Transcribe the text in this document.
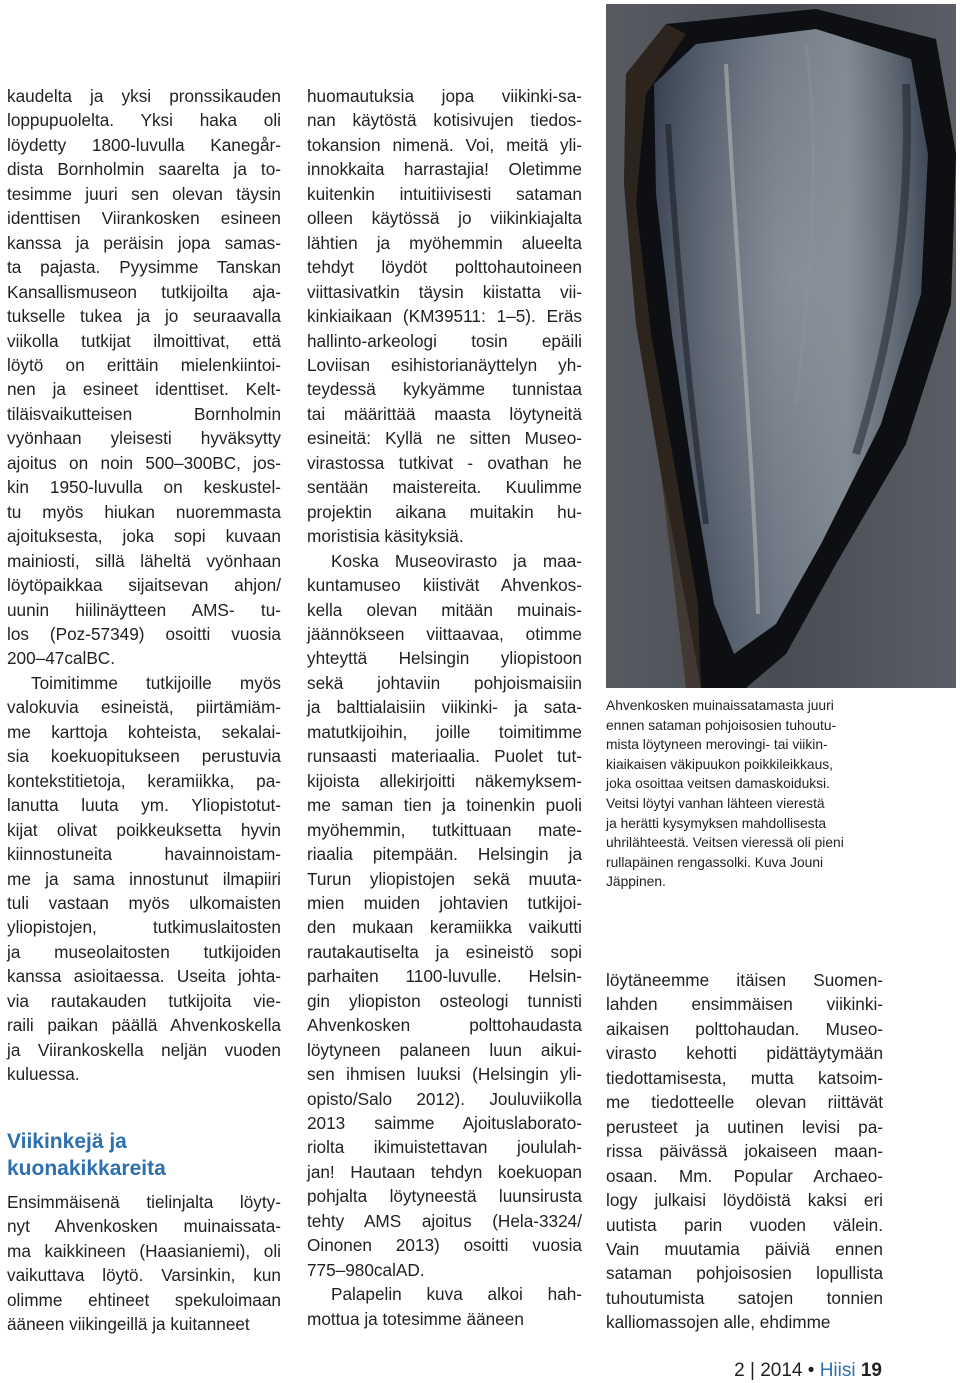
kaudelta ja yksi pronssikauden
loppupuolelta. Yksi haka oli
löydetty 1800-luvulla Kanegår-
dista Bornholmin saarelta ja to-
tesimme juuri sen olevan täysin
identtisen Viirankosken esineen
kanssa ja peräisin jopa samas-
ta pajasta. Pyysimme Tanskan
Kansallismuseon tutkijoilta aja-
tukselle tukea ja jo seuraavalla
viikolla tutkijat ilmoittivat, että
löytö on erittäin mielenkiintoi-
nen ja esineet identtiset. Kelt-
tiläisvaikutteisen Bornholmin
vyönhaan yleisesti hyväksytty
ajoitus on noin 500–300BC, jos-
kin 1950-luvulla on keskustel-
tu myös hiukan nuoremmasta
ajoituksesta, joka sopi kuvaan
mainiosti, sillä läheltä vyönhaan
löytöpaikkaa sijaitsevan ahjon/
uunin hiilinäytteen AMS- tu-
los (Poz-57349) osoitti vuosia
200–47calBC.
Toimitimme tutkijoille myös
valokuvia esineistä, piirtämiäm-
me karttoja kohteista, sekalai-
sia koekuopitukseen perustuvia
kontekstitietoja, keramiikka, pa-
lanutta luuta ym. Yliopistotut-
kijat olivat poikkeuksetta hyvin
kiinnostuneita havainnoistam-
me ja sama innostunut ilmapiiri
tuli vastaan myös ulkomaisten
yliopistojen, tutkimuslaitosten
ja museolaitosten tutkijoiden
kanssa asioitaessa. Useita johta-
via rautakauden tutkijoita vie-
raili paikan päällä Ahvenkoskella
ja Viirankoskella neljän vuoden
kuluessa.
Viikinkejä ja
kuonakikkareita
Ensimmäisenä tielinjalta löyty-
nyt Ahvenkosken muinaissata-
ma kaikkineen (Haasianiemi), oli
vaikuttava löytö. Varsinkin, kun
olimme ehtineet spekuloimaan
ääneen viikingeillä ja kuitanneet
huomautuksia jopa viikinki-sa-
nan käytöstä kotisivujen tiedos-
tokansion nimenä. Voi, meitä yli-
innokkaita harrastajia! Oletimme
kuitenkin intuitiivisesti sataman
olleen käytössä jo viikinkiajalta
lähtien ja myöhemmin alueelta
tehdyt löydöt polttohautoineen
viittasivatkin täysin kiistatta vii-
kinkiaikaan (KM39511: 1–5). Eräs
hallinto-arkeologi tosin epäili
Loviisan esihistorianäyttelyn yh-
teydessä kykyämme tunnistaa
tai määrittää maasta löytyneitä
esineitä: Kyllä ne sitten Museo-
virastossa tutkivat - ovathan he
sentään maistereita. Kuulimme
projektin aikana muitakin hu-
moristisia käsityksiä.
Koska Museovirasto ja maa-
kuntamuseo kiistivät Ahvenkos-
kella olevan mitään muinais-
jäännökseen viittaavaa, otimme
yhteyttä Helsingin yliopistoon
sekä johtaviin pohjoismaisiin
ja balttialaisiin viikinki- ja sata-
matutkijoihin, joille toimitimme
runsaasti materiaalia. Puolet tut-
kijoista allekirjoitti näkemyksem-
me saman tien ja toinenkin puoli
myöhemmin, tutkittuaan mate-
riaalia pitempään. Helsingin ja
Turun yliopistojen sekä muuta-
mien muiden johtavien tutkijoi-
den mukaan keramiikka vaikutti
rautakautiselta ja esineistö sopi
parhaiten 1100-luvulle. Helsin-
gin yliopiston osteologi tunnisti
Ahvenkosken polttohaudasta
löytyneen palaneen luun aikui-
sen ihmisen luuksi (Helsingin yli-
opisto/Salo 2012). Jouluviikolla
2013 saimme Ajoituslaborato-
riolta ikimuistettavan joululah-
jan! Hautaan tehdyn koekuopan
pohjalta löytyneestä luunsirusta
tehty AMS ajoitus (Hela-3324/
Oinonen 2013) osoitti vuosia
775–980calAD.
Palapelin kuva alkoi hah-
mottua ja totesimme ääneen
Ahvenkosken muinaissatamasta juuri
ennen sataman pohjoisosien tuhoutu-
mista löytyneen merovingi- tai viikin-
kiaikaisen väkipuukon poikkileikkaus,
joka osoittaa veitsen damaskoiduksi.
Veitsi löytyi vanhan lähteen vierestä
ja herätti kysymyksen mahdollisesta
uhrilähteestä. Veitsen vieressä oli pieni
rullapäinen rengassolki. Kuva Jouni
Jäppinen.
löytäneemme itäisen Suomen-
lahden ensimmäisen viikinki-
aikaisen polttohaudan. Museo-
virasto kehotti pidättäytymään
tiedottamisesta, mutta katsoim-
me tiedotteelle olevan riittävät
perusteet ja uutinen levisi pa-
rissa päivässä jokaiseen maan-
osaan. Mm. Popular Archaeo-
logy julkaisi löydöistä kaksi eri
uutista parin vuoden välein.
Vain muutamia päiviä ennen
sataman pohjoisosien lopullista
tuhoutumista satojen tonnien
kalliomassojen alle, ehdimme
2 | 2014 • Hiisi 19
